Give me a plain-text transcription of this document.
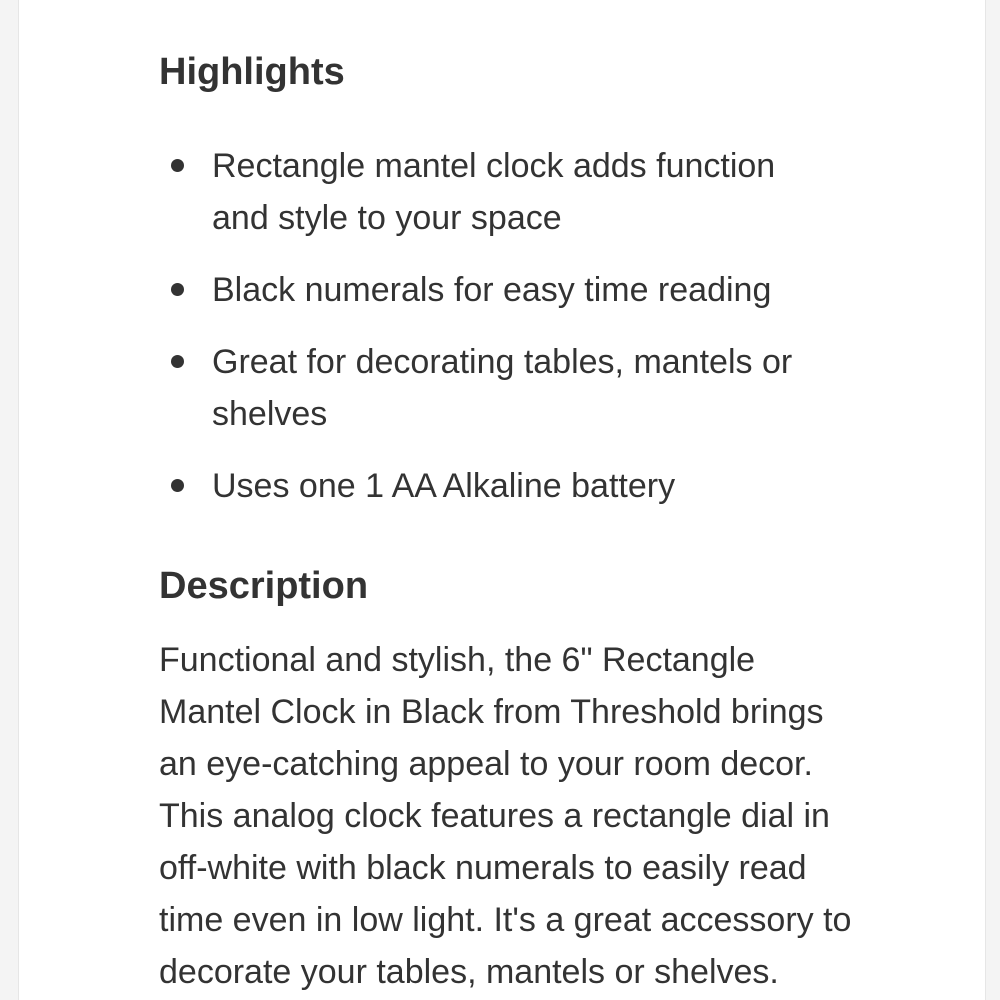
Highlights
Rectangle mantel clock adds function
and style to your space
Black numerals for easy time reading
Great for decorating tables, mantels or
shelves
Uses one 1 AA Alkaline battery
Description

Functional and stylish, the 6" Rectangle
Mantel Clock in Black from Threshold brings
an eye-catching appeal to your room decor.
This analog clock features a rectangle dial in
off-white with black numerals to easily read
time even in low light. It's a great accessory to
decorate your tables, mantels or shelves.
